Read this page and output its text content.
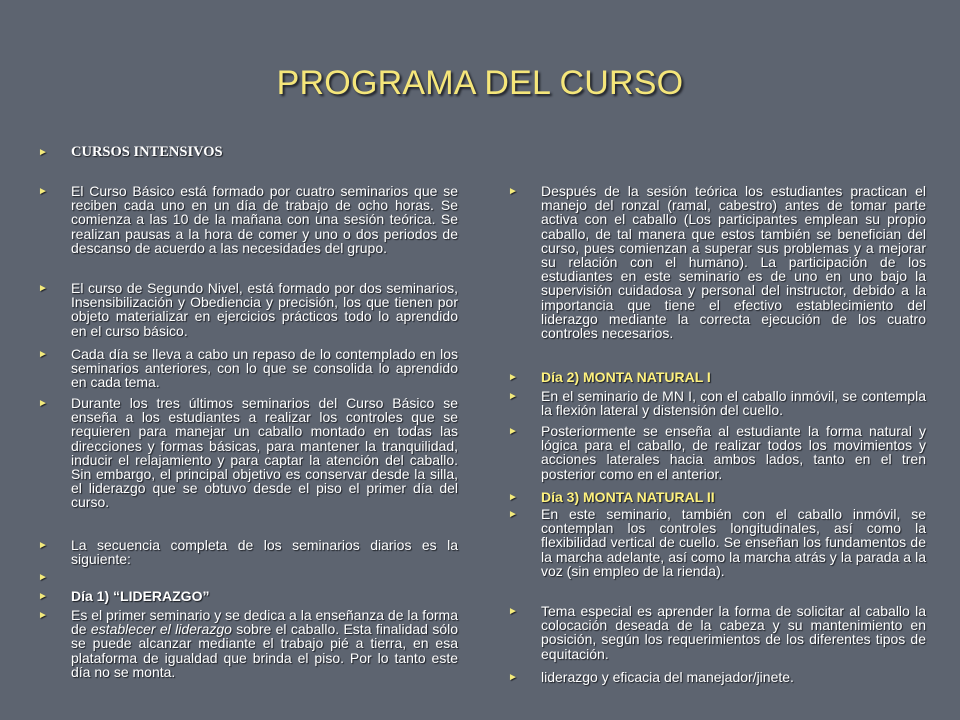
PROGRAMA DEL CURSO
► CURSOS INTENSIVOS
► El Curso Básico está formado por cuatro seminarios que se reciben cada uno en un día de trabajo de ocho horas. Se comienza a las 10 de la mañana con una sesión teórica. Se realizan pausas a la hora de comer y uno o dos periodos de descanso de acuerdo a las necesidades del grupo.
► El curso de Segundo Nivel, está formado por dos seminarios, Insensibilización y Obediencia y precisión, los que tienen por objeto materializar en ejercicios prácticos todo lo aprendido en el curso básico.
► Cada día se lleva a cabo un repaso de lo contemplado en los seminarios anteriores, con lo que se consolida lo aprendido en cada tema.
► Durante los tres últimos seminarios del Curso Básico se enseña a los estudiantes a realizar los controles que se requieren para manejar un caballo montado en todas las direcciones y formas básicas, para mantener la tranquilidad, inducir el relajamiento y para captar la atención del caballo. Sin embargo, el principal objetivo es conservar desde la silla, el liderazgo que se obtuvo desde el piso el primer día del curso.
► La secuencia completa de los seminarios diarios es la siguiente:
►
► Día 1) “LIDERAZGO”
► Es el primer seminario y se dedica a la enseñanza de la forma de establecer el liderazgo sobre el caballo. Esta finalidad sólo se puede alcanzar mediante el trabajo pié a tierra, en esa plataforma de igualdad que brinda el piso. Por lo tanto este día no se monta.
► Después de la sesión teórica los estudiantes practican el manejo del ronzal (ramal, cabestro) antes de tomar parte activa con el caballo (Los participantes emplean su propio caballo, de tal manera que estos también se benefician del curso, pues comienzan a superar sus problemas y a mejorar su relación con el humano). La participación de los estudiantes en este seminario es de uno en uno bajo la supervisión cuidadosa y personal del instructor, debido a la importancia que tiene el efectivo establecimiento del liderazgo mediante la correcta ejecución de los cuatro controles necesarios.
► Día 2) MONTA NATURAL I
► En el seminario de MN I, con el caballo inmóvil, se contempla la flexión lateral y distensión del cuello.
► Posteriormente se enseña al estudiante la forma natural y lógica para el caballo, de realizar todos los movimientos y acciones laterales hacia ambos lados, tanto en el tren posterior como en el anterior.
► Día 3) MONTA NATURAL II
► En este seminario, también con el caballo inmóvil, se contemplan los controles longitudinales, así como la flexibilidad vertical de cuello. Se enseñan los fundamentos de la marcha adelante, así como la marcha atrás y la parada a la voz (sin empleo de la rienda).
► Tema especial es aprender la forma de solicitar al caballo la colocación deseada de la cabeza y su mantenimiento en posición, según los requerimientos de los diferentes tipos de equitación.
► liderazgo y eficacia del manejador/jinete.
